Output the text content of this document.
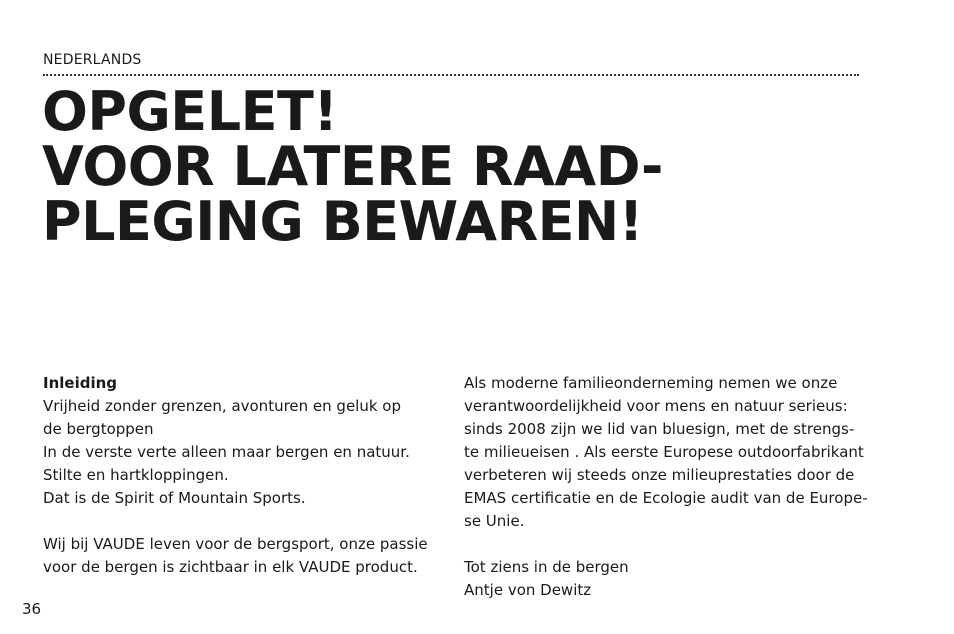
NEDERLANDS
OPGELET!
VOOR LATERE RAAD-
PLEGING BEWAREN!
Inleiding
Vrijheid zonder grenzen, avonturen en geluk op
de bergtoppen
In de verste verte alleen maar bergen en natuur.
Stilte en hartkloppingen.
Dat is de Spirit of Mountain Sports.
Wij bij VAUDE leven voor de bergsport, onze passie
voor de bergen is zichtbaar in elk VAUDE product.
Als moderne familieonderneming nemen we onze
verantwoordelijkheid voor mens en natuur serieus:
sinds 2008 zijn we lid van bluesign, met de strengs-
te milieueisen . Als eerste Europese outdoorfabrikant
verbeteren wij steeds onze milieuprestaties door de
EMAS certificatie en de Ecologie audit van de Europe-
se Unie.
Tot ziens in de bergen
Antje von Dewitz
36
